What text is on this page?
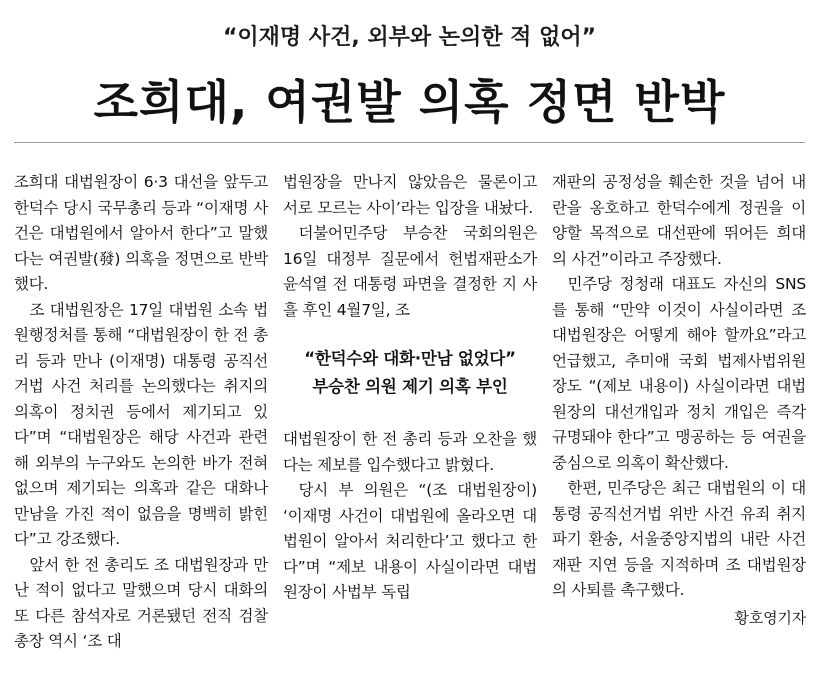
“이재명 사건, 외부와 논의한 적 없어”
조희대, 여권발 의혹 정면 반박

조희대 대법원장이 6·3 대선을 앞두고 한덕수 당시 국무총리 등과 “이재명 사건은 대법원에서 알아서 한다”고 말했다는 여권발(發) 의혹을 정면으로 반박했다.

조 대법원장은 17일 대법원 소속 법원행정처를 통해 “대법원장이 한 전 총리 등과 만나 (이재명) 대통령 공직선거법 사건 처리를 논의했다는 취지의 의혹이 정치권 등에서 제기되고 있다”며 “대법원장은 해당 사건과 관련해 외부의 누구와도 논의한 바가 전혀 없으며 제기되는 의혹과 같은 대화나 만남을 가진 적이 없음을 명백히 밝힌다”고 강조했다.

앞서 한 전 총리도 조 대법원장과 만난 적이 없다고 말했으며 당시 대화의 또 다른 참석자로 거론됐던 전직 검찰총장 역시 ‘조 대

법원장을 만나지 않았음은 물론이고 서로 모르는 사이’라는 입장을 내놨다.

더불어민주당 부승찬 국회의원은 16일 대정부 질문에서 헌법재판소가 윤석열 전 대통령 파면을 결정한 지 사흘 후인 4월7일, 조

“한덕수와 대화·만남 없었다”
부승찬 의원 제기 의혹 부인

대법원장이 한 전 총리 등과 오찬을 했다는 제보를 입수했다고 밝혔다.

당시 부 의원은 “(조 대법원장이) ‘이재명 사건이 대법원에 올라오면 대법원이 알아서 처리한다’고 했다고 한다”며 “제보 내용이 사실이라면 대법원장이 사법부 독립

재판의 공정성을 훼손한 것을 넘어 내란을 옹호하고 한덕수에게 정권을 이양할 목적으로 대선판에 뛰어든 희대의 사건”이라고 주장했다.

민주당 정청래 대표도 자신의 SNS를 통해 “만약 이것이 사실이라면 조 대법원장은 어떻게 해야 할까요”라고 언급했고, 추미애 국회 법제사법위원장도 “(제보 내용이) 사실이라면 대법원장의 대선개입과 정치 개입은 즉각 규명돼야 한다”고 맹공하는 등 여권을 중심으로 의혹이 확산했다.

한편, 민주당은 최근 대법원의 이 대통령 공직선거법 위반 사건 유죄 취지 파기 환송, 서울중앙지법의 내란 사건 재판 지연 등을 지적하며 조 대법원장의 사퇴를 촉구했다.

황호영기자
